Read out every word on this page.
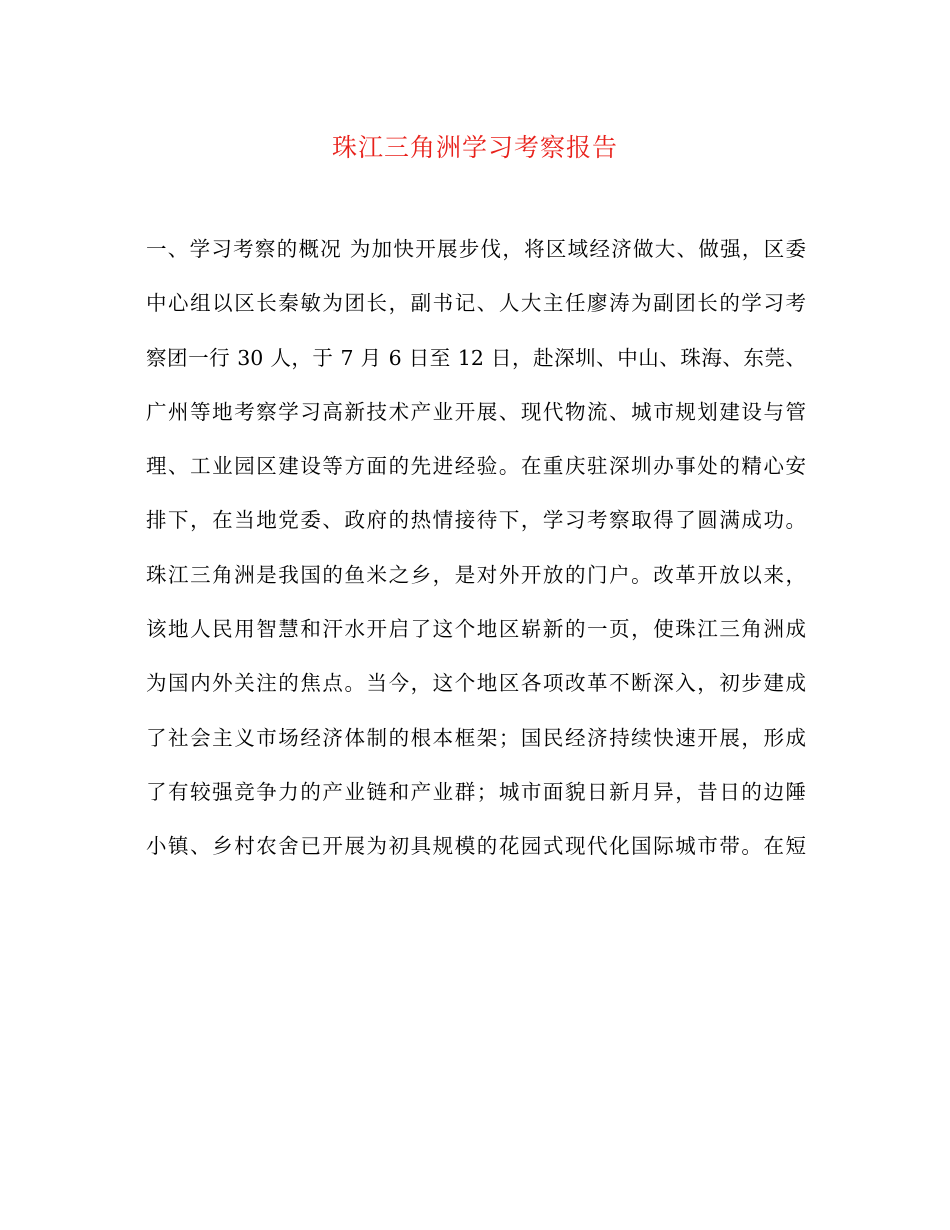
珠江三角洲学习考察报告
一、学习考察的概况 为加快开展步伐，将区域经济做大、做强，区委
中心组以区长秦敏为团长，副书记、人大主任廖涛为副团长的学习考
察团一行 30 人，于 7 月 6 日至 12 日，赴深圳、中山、珠海、东莞、
广州等地考察学习高新技术产业开展、现代物流、城市规划建设与管
理、工业园区建设等方面的先进经验。在重庆驻深圳办事处的精心安
排下，在当地党委、政府的热情接待下，学习考察取得了圆满成功。
珠江三角洲是我国的鱼米之乡，是对外开放的门户。改革开放以来，
该地人民用智慧和汗水开启了这个地区崭新的一页，使珠江三角洲成
为国内外关注的焦点。当今，这个地区各项改革不断深入，初步建成
了社会主义市场经济体制的根本框架；国民经济持续快速开展，形成
了有较强竞争力的产业链和产业群；城市面貌日新月异，昔日的边陲
小镇、乡村农舍已开展为初具规模的花园式现代化国际城市带。在短
